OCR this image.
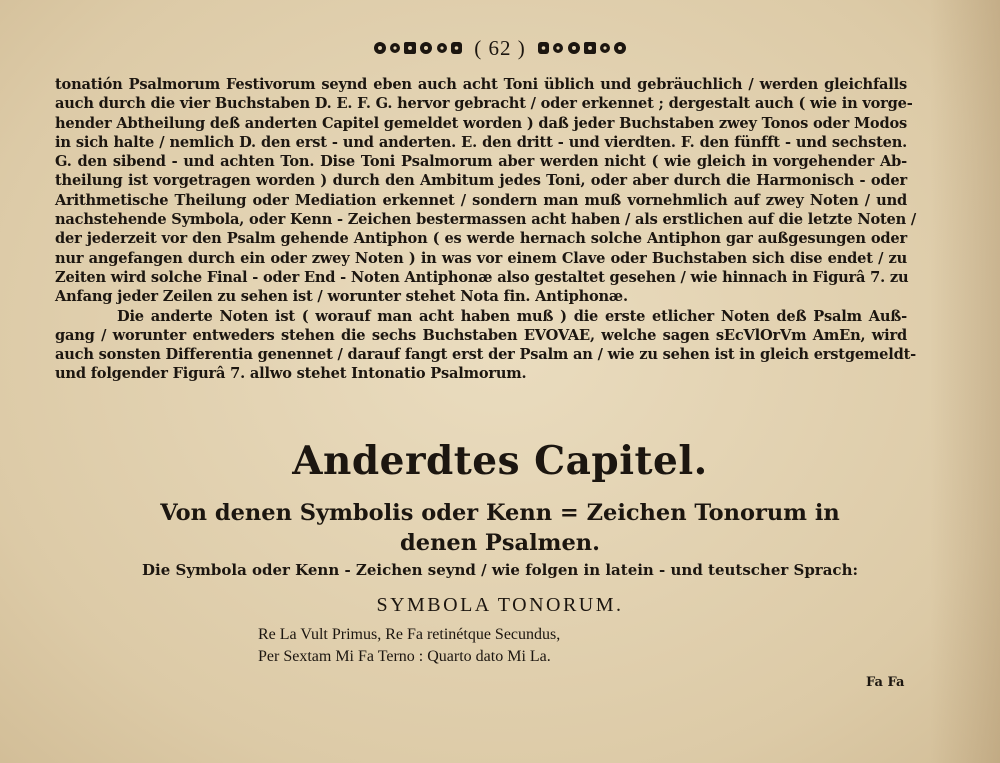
( 62 )

tonatión Psalmorum Festivorum seynd eben auch acht Toni üblich und gebräuchlich / werden gleichfalls
auch durch die vier Buchstaben D. E. F. G. hervor gebracht / oder erkennet ; dergestalt auch ( wie in vorge-
hender Abtheilung deß anderten Capitel gemeldet worden ) daß jeder Buchstaben zwey Tonos oder Modos
in sich halte / nemlich D. den erst - und anderten. E. den dritt - und vierdten. F. den fünfft - und sechsten.
G. den sibend - und achten Ton. Dise Toni Psalmorum aber werden nicht ( wie gleich in vorgehender Ab-
theilung ist vorgetragen worden ) durch den Ambitum jedes Toni, oder aber durch die Harmonisch - oder
Arithmetische Theilung oder Mediation erkennet / sondern man muß vornehmlich auf zwey Noten / und
nachstehende Symbola, oder Kenn - Zeichen bestermassen acht haben / als erstlichen auf die letzte Noten /
der jederzeit vor den Psalm gehende Antiphon ( es werde hernach solche Antiphon gar außgesungen oder
nur angefangen durch ein oder zwey Noten ) in was vor einem Clave oder Buchstaben sich dise endet / zu
Zeiten wird solche Final - oder End - Noten Antiphonæ also gestaltet gesehen / wie hinnach in Figurâ 7. zu
Anfang jeder Zeilen zu sehen ist / worunter stehet Nota fin. Antiphonæ.

Die anderte Noten ist ( worauf man acht haben muß ) die erste etlicher Noten deß Psalm Auß-
gang / worunter entweders stehen die sechs Buchstaben EVOVAE, welche sagen sEcVlOrVm AmEn, wird
auch sonsten Differentia genennet / darauf fangt erst der Psalm an / wie zu sehen ist in gleich erstgemeldt-
und folgender Figurâ 7. allwo stehet Intonatio Psalmorum.

Anderdtes Capitel.
Von denen Symbolis oder Kenn = Zeichen Tonorum in
denen Psalmen.
Die Symbola oder Kenn - Zeichen seynd / wie folgen in latein - und teutscher Sprach:
SYMBOLA TONORUM.
Re La Vult Primus, Re Fa retinétque Secundus,
Per Sextam Mi Fa Terno : Quarto dato Mi La.
Fa Fa
